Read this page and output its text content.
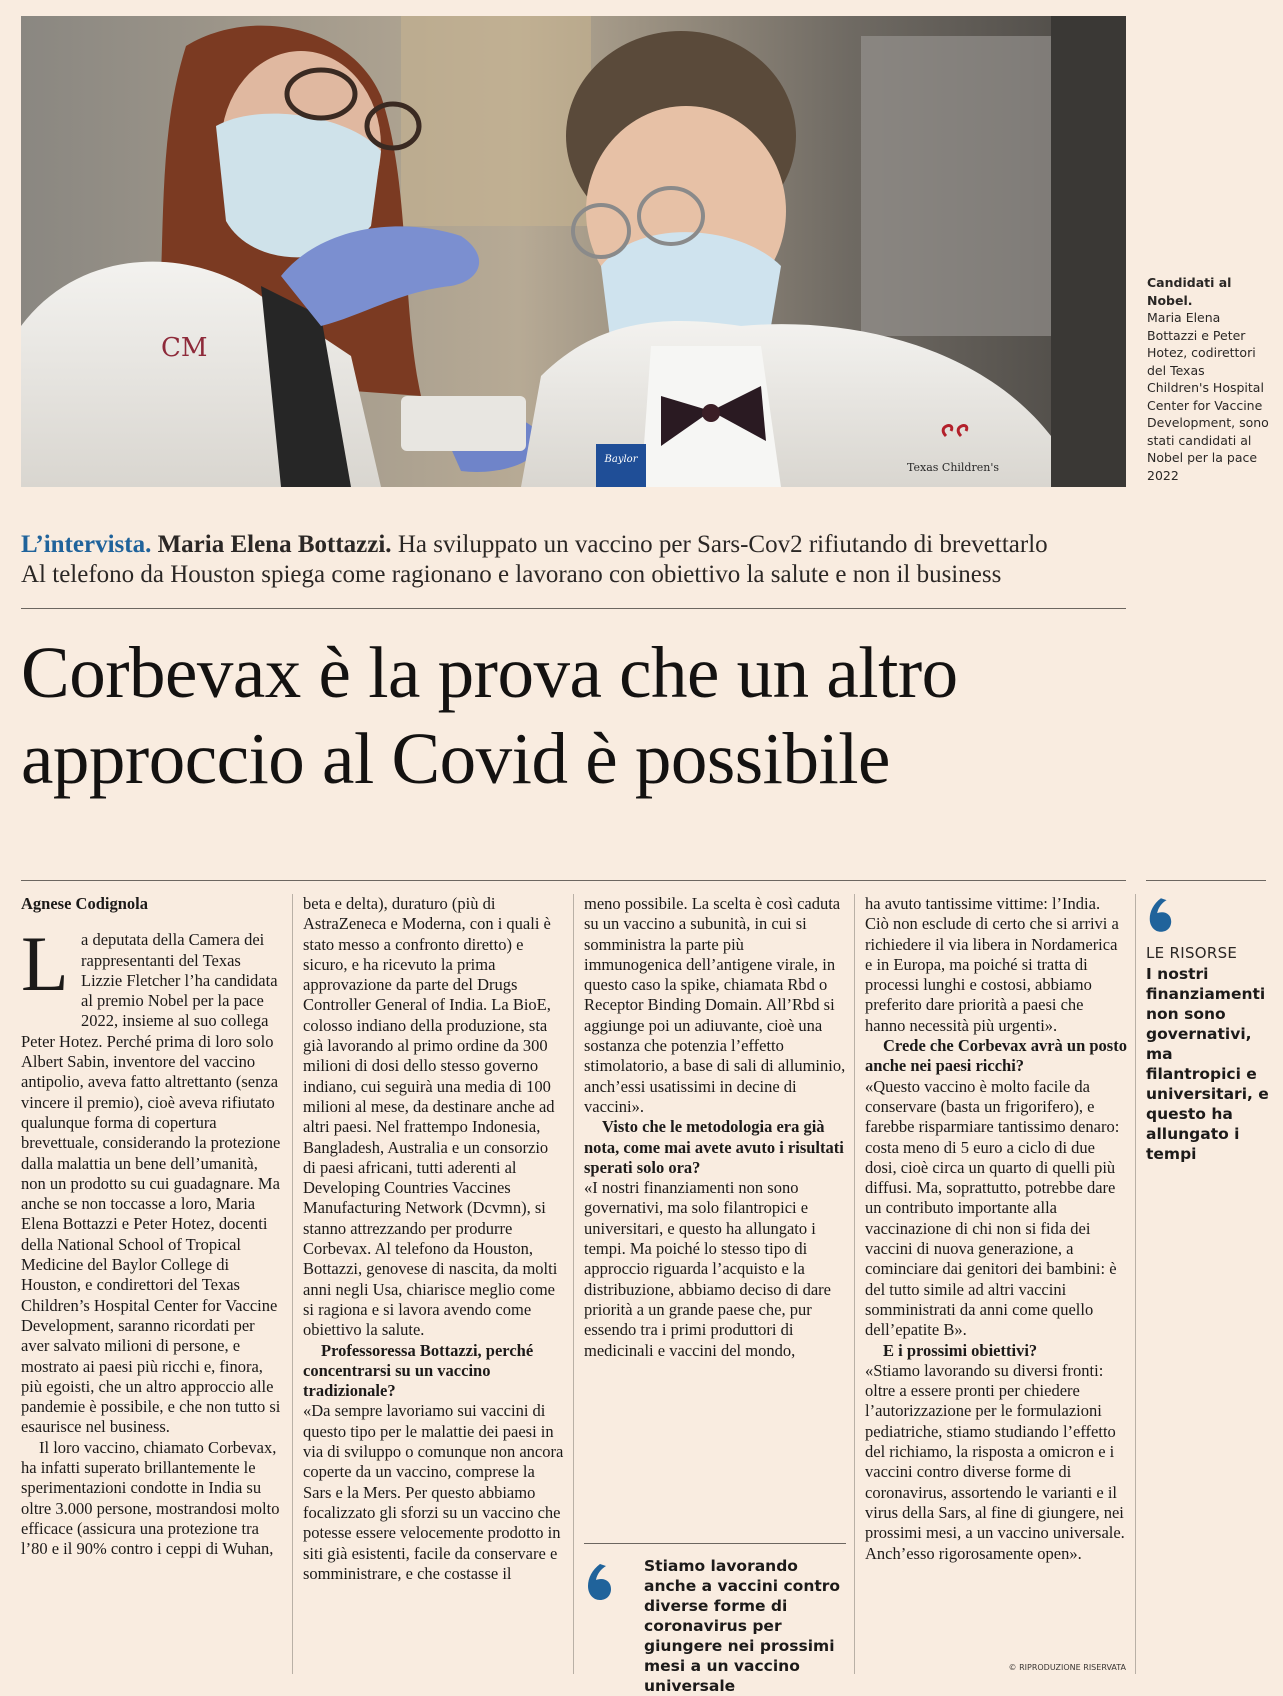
Baylor
Texas Children's
CM
Candidati al Nobel.
Maria Elena Bottazzi e Peter Hotez, codirettori del Texas Children's Hospital Center for Vaccine Development, sono stati candidati al Nobel per la pace 2022
L’intervista. Maria Elena Bottazzi. Ha sviluppato un vaccino per Sars-Cov2 rifiutando di brevettarlo
Al telefono da Houston spiega come ragionano e lavorano con obiettivo la salute e non il business
Corbevax è la prova che un altro
approccio al Covid è possibile
Agnese Codignola

La deputata della Camera dei rappresentanti del Texas Lizzie Fletcher l’ha candidata al premio Nobel per la pace 2022, insieme al suo collega Peter Hotez. Perché prima di loro solo Albert Sabin, inventore del vaccino antipolio, aveva fatto altrettanto (senza vincere il premio), cioè aveva rifiutato qualunque forma di copertura brevettuale, considerando la protezione dalla malattia un bene dell’umanità, non un prodotto su cui guadagnare. Ma anche se non toccasse a loro, Maria Elena Bottazzi e Peter Hotez, docenti della National School of Tropical Medicine del Baylor College di Houston, e condirettori del Texas Children’s Hospital Center for Vaccine Development, saranno ricordati per aver salvato milioni di persone, e mostrato ai paesi più ricchi e, finora, più egoisti, che un altro approccio alle pandemie è possibile, e che non tutto si esaurisce nel business.

Il loro vaccino, chiamato Corbevax, ha infatti superato brillantemente le sperimentazioni condotte in India su oltre 3.000 persone, mostrandosi molto efficace (assicura una protezione tra l’80 e il 90% contro i ceppi di Wuhan,

beta e delta), duraturo (più di AstraZeneca e Moderna, con i quali è stato messo a confronto diretto) e sicuro, e ha ricevuto la prima approvazione da parte del Drugs Controller General of India. La BioE, colosso indiano della produzione, sta già lavorando al primo ordine da 300 milioni di dosi dello stesso governo indiano, cui seguirà una media di 100 milioni al mese, da destinare anche ad altri paesi. Nel frattempo Indonesia, Bangladesh, Australia e un consorzio di paesi africani, tutti aderenti al Developing Countries Vaccines Manufacturing Network (Dcvmn), si stanno attrezzando per produrre Corbevax. Al telefono da Houston, Bottazzi, genovese di nascita, da molti anni negli Usa, chiarisce meglio come si ragiona e si lavora avendo come obiettivo la salute.

Professoressa Bottazzi, perché concentrarsi su un vaccino tradizionale?

«Da sempre lavoriamo sui vaccini di questo tipo per le malattie dei paesi in via di sviluppo o comunque non ancora coperte da un vaccino, comprese la Sars e la Mers. Per questo abbiamo focalizzato gli sforzi su un vaccino che potesse essere velocemente prodotto in siti già esistenti, facile da conservare e somministrare, e che costasse il

meno possibile. La scelta è così caduta su un vaccino a subunità, in cui si somministra la parte più immunogenica dell’antigene virale, in questo caso la spike, chiamata Rbd o Receptor Binding Domain. All’Rbd si aggiunge poi un adiuvante, cioè una sostanza che potenzia l’effetto stimolatorio, a base di sali di alluminio, anch’essi usatissimi in decine di vaccini».

Visto che le metodologia era già nota, come mai avete avuto i risultati sperati solo ora?

«I nostri finanziamenti non sono governativi, ma solo filantropici e universitari, e questo ha allungato i tempi. Ma poiché lo stesso tipo di approccio riguarda l’acquisto e la distribuzione, abbiamo deciso di dare priorità a un grande paese che, pur essendo tra i primi produttori di medicinali e vaccini del mondo,

Stiamo lavorando anche a vaccini contro diverse forme di coronavirus per giungere nei prossimi mesi a un vaccino universale

ha avuto tantissime vittime: l’India. Ciò non esclude di certo che si arrivi a richiedere il via libera in Nordamerica e in Europa, ma poiché si tratta di processi lunghi e costosi, abbiamo preferito dare priorità a paesi che hanno necessità più urgenti».

Crede che Corbevax avrà un posto anche nei paesi ricchi?

«Questo vaccino è molto facile da conservare (basta un frigorifero), e farebbe risparmiare tantissimo denaro: costa meno di 5 euro a ciclo di due dosi, cioè circa un quarto di quelli più diffusi. Ma, soprattutto, potrebbe dare un contributo importante alla vaccinazione di chi non si fida dei vaccini di nuova generazione, a cominciare dai genitori dei bambini: è del tutto simile ad altri vaccini somministrati da anni come quello dell’epatite B».

E i prossimi obiettivi?

«Stiamo lavorando su diversi fronti: oltre a essere pronti per chiedere l’autorizzazione per le formulazioni pediatriche, stiamo studiando l’effetto del richiamo, la risposta a omicron e i vaccini contro diverse forme di coronavirus, assortendo le varianti e il virus della Sars, al fine di giungere, nei prossimi mesi, a un vaccino universale. Anch’esso rigorosamente open».

LE RISORSE
I nostri finanziamenti non sono governativi, ma filantropici e universitari, e questo ha allungato i tempi
© RIPRODUZIONE RISERVATA
